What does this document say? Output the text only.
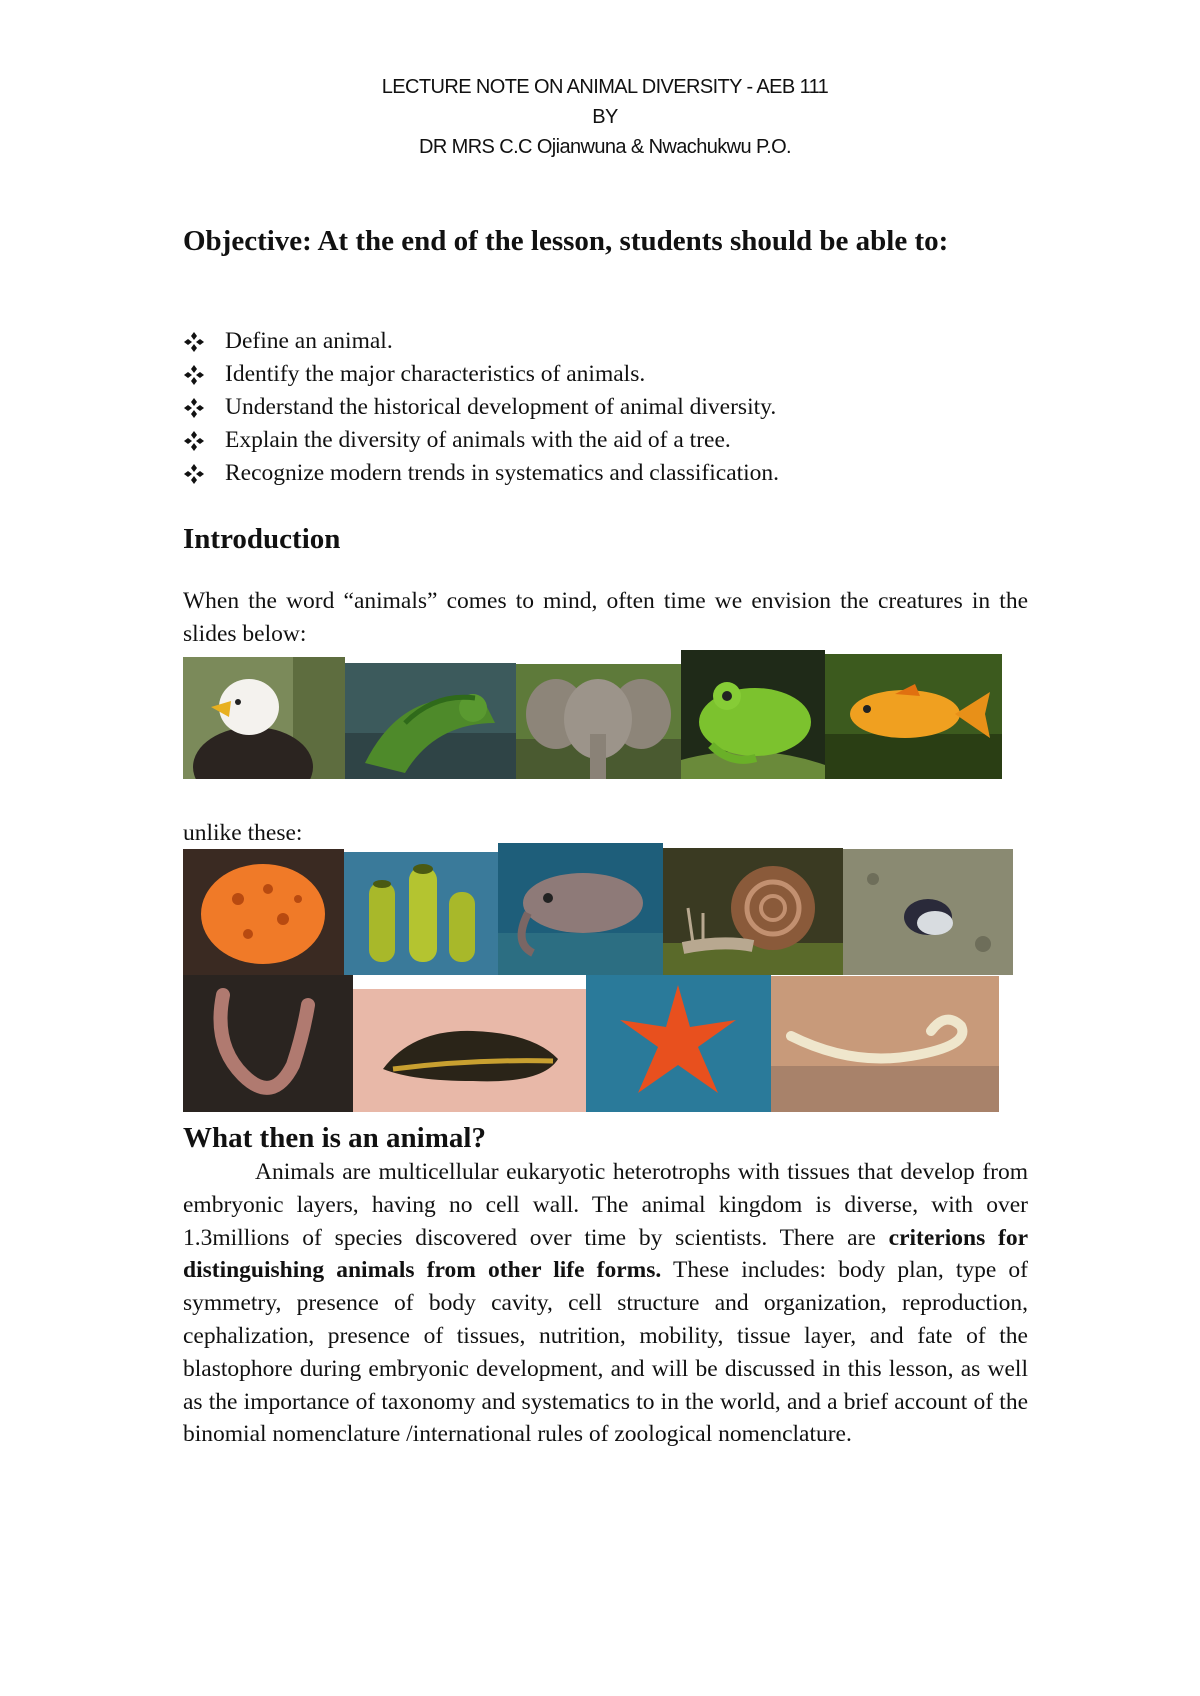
LECTURE NOTE ON ANIMAL DIVERSITY - AEB 111
BY
DR MRS C.C Ojianwuna & Nwachukwu P.O.

Objective: At the end of the lesson, students should be able to:

Define an animal.
Identify the major characteristics of animals.
Understand the historical development of animal diversity.
Explain the diversity of animals with the aid of a tree.
Recognize modern trends in systematics and classification.

Introduction

When the word “animals” comes to mind, often time we envision the creatures in the slides below:

unlike these:

What then is an animal?

Animals are multicellular eukaryotic heterotrophs with tissues that develop from embryonic layers, having no cell wall. The animal kingdom is diverse, with over 1.3millions of species discovered over time by scientists. There are criterions for distinguishing animals from other life forms. These includes: body plan, type of symmetry, presence of body cavity, cell structure and organization, reproduction, cephalization, presence of tissues, nutrition, mobility, tissue layer, and fate of the blastophore during embryonic development, and will be discussed in this lesson, as well as the importance of taxonomy and systematics to in the world, and a brief account of the binomial nomenclature /international rules of zoological nomenclature.
